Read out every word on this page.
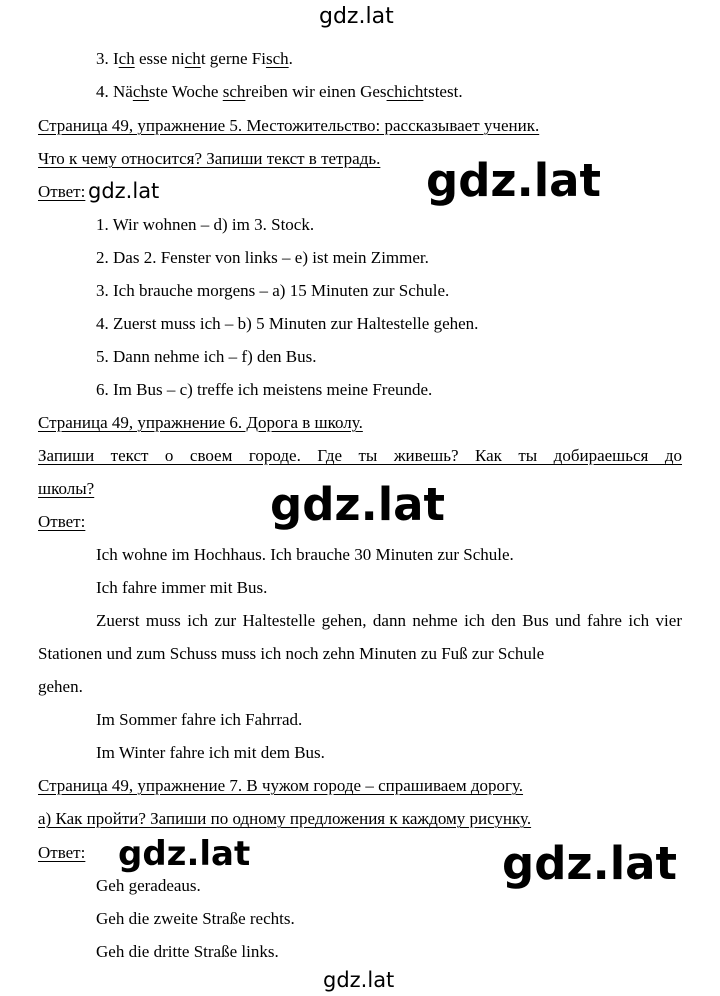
gdz.lat
3. Ich esse nicht gerne Fisch.
4. Nächste Woche schreiben wir einen Geschichtstest.
Страница 49, упражнение 5. Местожительство: рассказывает ученик.
Что к чему относится? Запиши текст в тетрадь.
Ответ: gdz.lat	gdz.lat
1. Wir wohnen – d) im 3. Stock.
2. Das 2. Fenster von links – e) ist mein Zimmer.
3. Ich brauche morgens – a) 15 Minuten zur Schule.
4. Zuerst muss ich – b) 5 Minuten zur Haltestelle gehen.
5. Dann nehme ich – f) den Bus.
6. Im Bus – c) treffe ich meistens meine Freunde.
Страница 49, упражнение 6. Дорога в школу.
Запиши текст о своем городе. Где ты живешь? Как ты добираешься до
школы?	gdz.lat
Ответ:
Ich wohne im Hochhaus. Ich brauche 30 Minuten zur Schule.
Ich fahre immer mit Bus.
Zuerst muss ich zur Haltestelle gehen, dann nehme ich den Bus und fahre ich vier Stationen und zum Schuss muss ich noch zehn Minuten zu Fuß zur Schule
gehen.
Im Sommer fahre ich Fahrrad.
Im Winter fahre ich mit dem Bus.
Страница 49, упражнение 7. В чужом городе – спрашиваем дорогу.
а) Как пройти? Запиши по одному предложения к каждому рисунку.
Ответ: gdz.lat	gdz.lat
Geh geradeaus.
Geh die zweite Straße rechts.
Geh die dritte Straße links.
gdz.lat
